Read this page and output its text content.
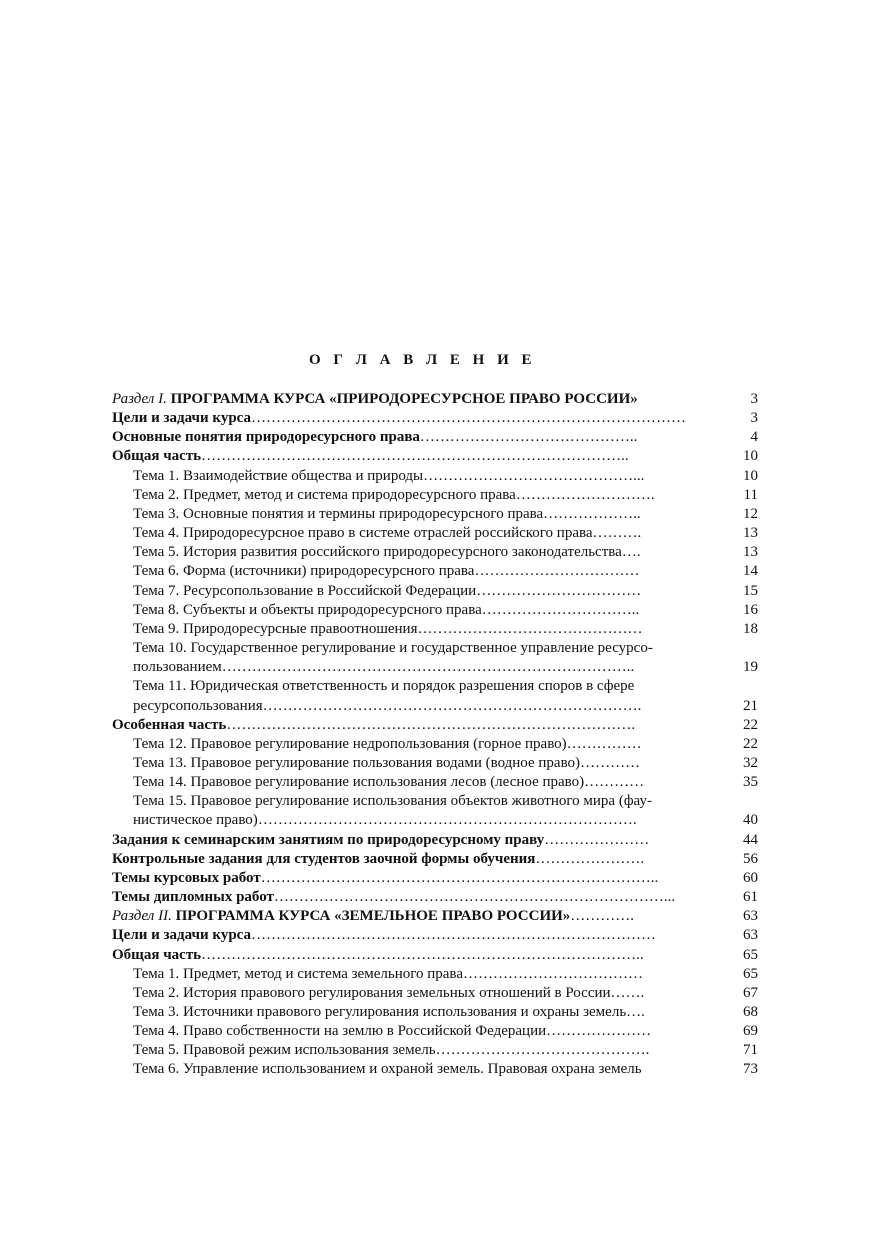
О Г Л А В Л Е Н И Е
Раздел I. ПРОГРАММА КУРСА «ПРИРОДОРЕСУРСНОЕ ПРАВО РОССИИ»	3
Цели и задачи курса……………………………………………………………………………	3
Основные понятия природоресурсного права……………………………………..	4
Общая часть…………………………………………………………………………..	10
Тема 1. Взаимодействие общества и природы……………………………………...	10
Тема 2. Предмет, метод и система природоресурсного права……………………….	11
Тема 3. Основные понятия и термины природоресурсного права………………..	12
Тема 4. Природоресурсное право в системе отраслей российского права……….	13
Тема 5. История развития российского природоресурсного законодательства….	13
Тема 6. Форма (источники) природоресурсного права……………………………	14
Тема 7. Ресурсопользование в Российской Федерации……………………………	15
Тема 8. Субъекты и объекты природоресурсного права…………………………..	16
Тема 9. Природоресурсные правоотношения………………………………………	18
Тема 10. Государственное регулирование и государственное управление ресурсо-
пользованием………………………………………………………………………..	19
Тема 11. Юридическая ответственность и порядок разрешения споров в сфере
ресурсопользования………………………………………………………………….	21
Особенная часть……………………………………………………………………….	22
Тема 12. Правовое регулирование недропользования (горное право)……………	22
Тема 13. Правовое регулирование пользования водами (водное право)…………	32
Тема 14. Правовое регулирование использования лесов (лесное право)…………	35
Тема 15. Правовое регулирование использования объектов животного мира (фау-
нистическое право)………………………………………………………………….	40
Задания к семинарским занятиям по природоресурсному праву…………………	44
Контрольные задания для студентов заочной формы обучения………………….	56
Темы курсовых работ……………………………………………………………………..	60
Темы дипломных работ……………………………………………………………………...	61
Раздел II. ПРОГРАММА КУРСА «ЗЕМЕЛЬНОЕ ПРАВО РОССИИ»………….	63
Цели и задачи курса………………………………………………………………………	63
Общая часть……………………………………………………………………………..	65
Тема 1. Предмет, метод и система земельного права………………………………	65
Тема 2. История правового регулирования земельных отношений в России…….	67
Тема 3. Источники правового регулирования использования и охраны земель….	68
Тема 4. Право собственности на землю в Российской Федерации…………………	69
Тема 5. Правовой режим использования земель…………………………………….	71
Тема 6. Управление использованием и охраной земель. Правовая охрана земель	73
